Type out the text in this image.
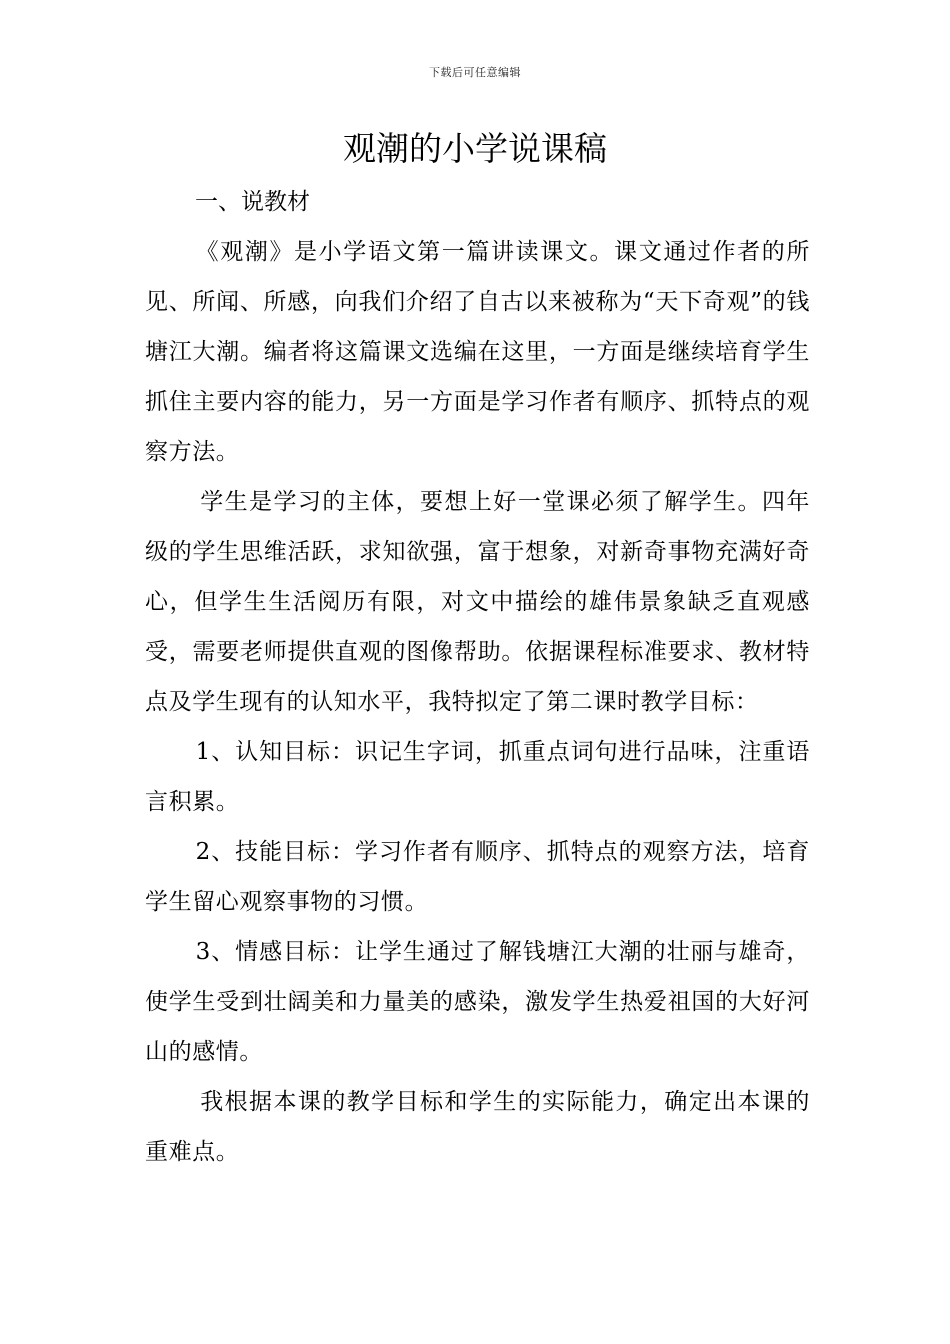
下载后可任意编辑
观潮的小学说课稿

一、说教材

《观潮》是小学语文第一篇讲读课文。课文通过作者的所见、所闻、所感，向我们介绍了自古以来被称为“天下奇观”的钱塘江大潮。编者将这篇课文选编在这里，一方面是继续培育学生抓住主要内容的能力，另一方面是学习作者有顺序、抓特点的观察方法。

学生是学习的主体，要想上好一堂课必须了解学生。四年级的学生思维活跃，求知欲强，富于想象，对新奇事物充满好奇心，但学生生活阅历有限，对文中描绘的雄伟景象缺乏直观感受，需要老师提供直观的图像帮助。依据课程标准要求、教材特点及学生现有的认知水平，我特拟定了第二课时教学目标：

1、认知目标：识记生字词，抓重点词句进行品味，注重语言积累。

2、技能目标：学习作者有顺序、抓特点的观察方法，培育学生留心观察事物的习惯。

3、情感目标：让学生通过了解钱塘江大潮的壮丽与雄奇，使学生受到壮阔美和力量美的感染，激发学生热爱祖国的大好河山的感情。

我根据本课的教学目标和学生的实际能力，确定出本课的重难点。
